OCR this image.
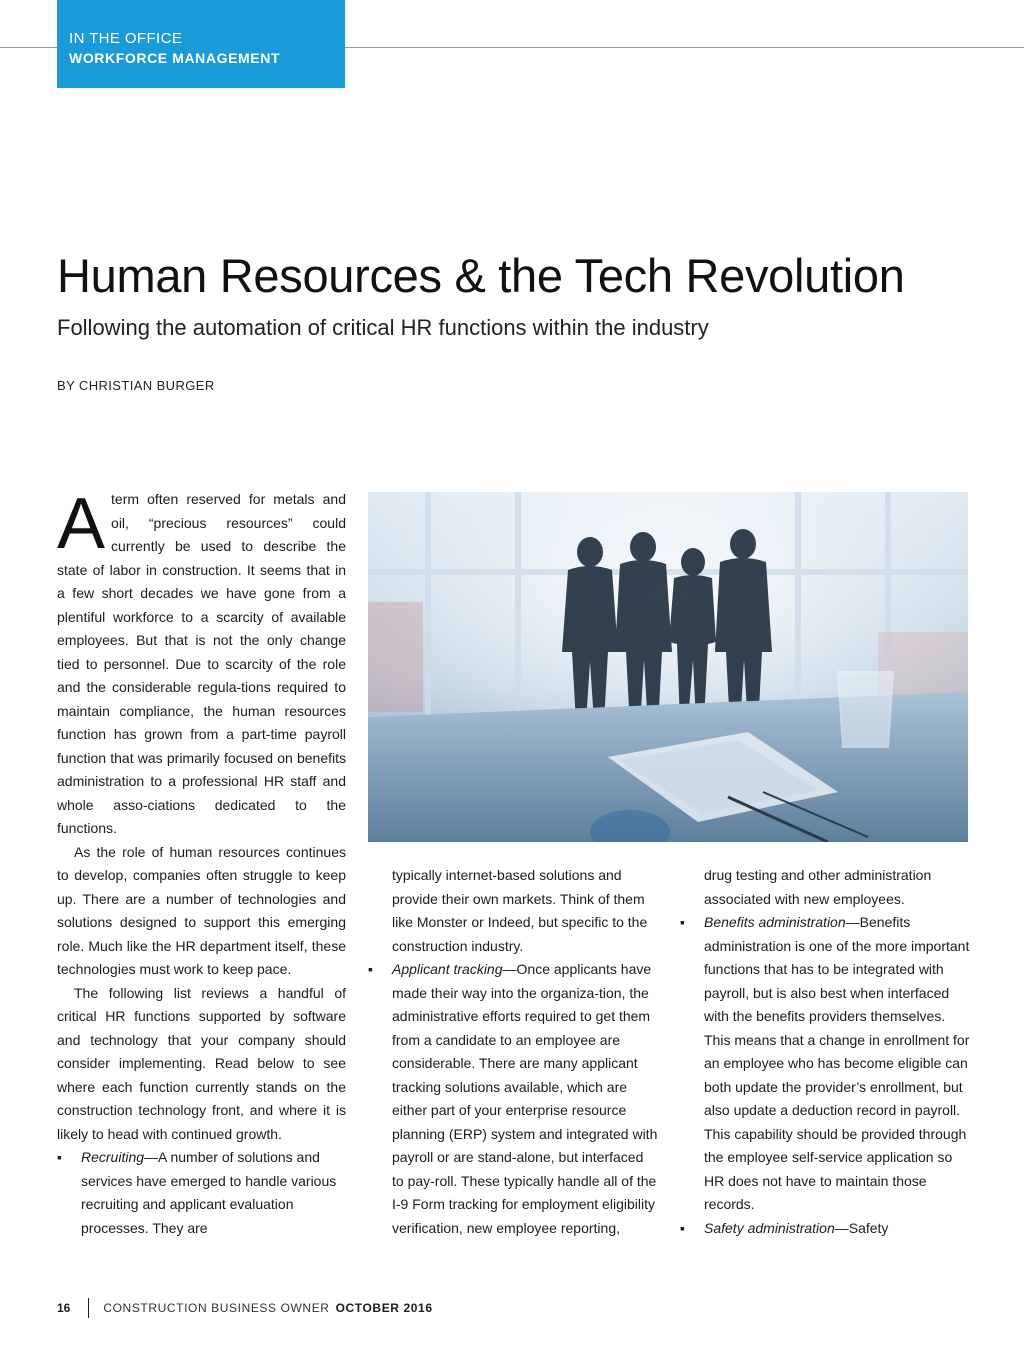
IN THE OFFICE
WORKFORCE MANAGEMENT
Human Resources & the Tech Revolution
Following the automation of critical HR functions within the industry
BY CHRISTIAN BURGER

Aterm often reserved for metals and oil, “precious resources” could currently be used to describe the state of labor in construction. It seems that in a few short decades we have gone from a plentiful workforce to a scarcity of available employees. But that is not the only change tied to personnel. Due to scarcity of the role and the considerable regula-tions required to maintain compliance, the human resources function has grown from a part-time payroll function that was primarily focused on benefits administration to a professional HR staff and whole asso-ciations dedicated to the functions.

As the role of human resources continues to develop, companies often struggle to keep up. There are a number of technologies and solutions designed to support this emerging role. Much like the HR department itself, these technologies must work to keep pace.

The following list reviews a handful of critical HR functions supported by software and technology that your company should consider implementing. Read below to see where each function currently stands on the construction technology front, and where it is likely to head with continued growth.

▪ Recruiting—A number of solutions and services have emerged to handle various recruiting and applicant evaluation processes. They are

typically internet-based solutions and provide their own markets. Think of them like Monster or Indeed, but specific to the construction industry.

▪ Applicant tracking—Once applicants have made their way into the organiza-tion, the administrative efforts required to get them from a candidate to an employee are considerable. There are many applicant tracking solutions available, which are either part of your enterprise resource planning (ERP) system and integrated with payroll or are stand-alone, but interfaced to pay-roll. These typically handle all of the I-9 Form tracking for employment eligibility verification, new employee reporting,

drug testing and other administration associated with new employees.

▪ Benefits administration—Benefits administration is one of the more important functions that has to be integrated with payroll, but is also best when interfaced with the benefits providers themselves. This means that a change in enrollment for an employee who has become eligible can both update the provider’s enrollment, but also update a deduction record in payroll. This capability should be provided through the employee self-service application so HR does not have to maintain those records.

▪ Safety administration—Safety

16	CONSTRUCTION BUSINESS OWNER OCTOBER 2016
